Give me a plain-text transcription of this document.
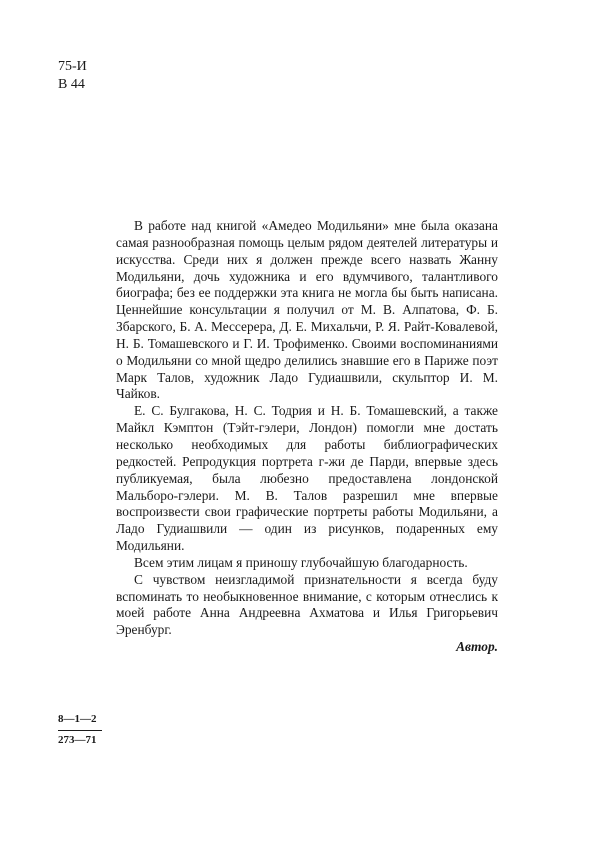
75-И
В 44

В работе над книгой «Амедео Модильяни» мне была оказана самая разнообразная помощь целым рядом деятелей литературы и искусства. Среди них я должен прежде всего назвать Жанну Модильяни, дочь художника и его вдумчивого, талантливого биографа; без ее поддержки эта книга не могла бы быть написана. Ценнейшие консультации я получил от М. В. Алпатова, Ф. Б. Збарского, Б. А. Мессерера, Д. Е. Михальчи, Р. Я. Райт-Ковалевой, Н. Б. Томашевского и Г. И. Трофименко. Своими воспоминаниями о Модильяни со мной щедро делились знавшие его в Париже поэт Марк Талов, художник Ладо Гудиашвили, скульптор И. М. Чайков.

Е. С. Булгакова, Н. С. Тодрия и Н. Б. Томашевский, а также Майкл Кэмптон (Тэйт-гэлери, Лондон) помогли мне достать несколько необходимых для работы библиографических редкостей. Репродукция портрета г-жи де Парди, впервые здесь публикуемая, была любезно предоставлена лондонской Мальборо-гэлери. М. В. Талов разрешил мне впервые воспроизвести свои графические портреты работы Модильяни, а Ладо Гудиашвили — один из рисунков, подаренных ему Модильяни.

Всем этим лицам я приношу глубочайшую благодарность.

С чувством неизгладимой признательности я всегда буду вспоминать то необыкновенное внимание, с которым отнеслись к моей работе Анна Андреевна Ахматова и Илья Григорьевич Эренбург.

Автор.

8—1—2
273—71
